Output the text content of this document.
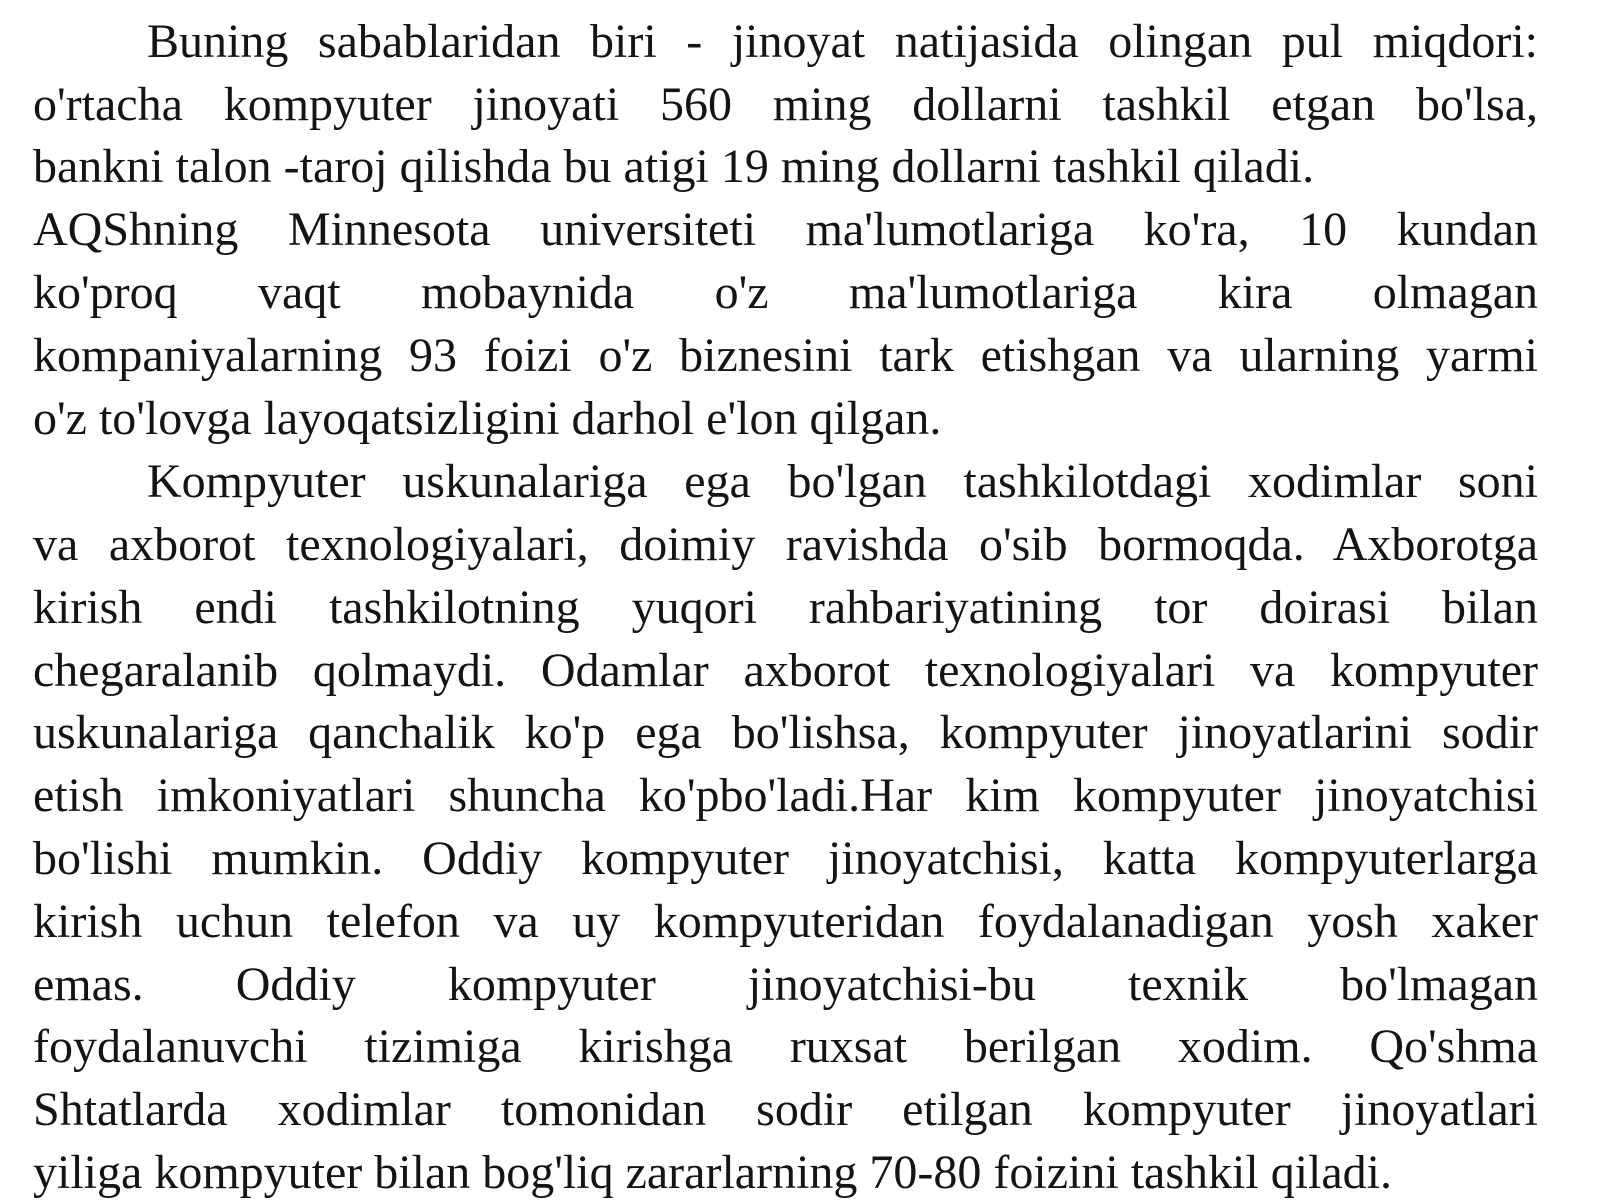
Buning sabablaridan biri - jinoyat natijasida olingan pul miqdori:
o'rtacha kompyuter jinoyati 560 ming dollarni tashkil etgan bo'lsa,
bankni talon -taroj qilishda bu atigi 19 ming dollarni tashkil qiladi.
AQShning Minnesota universiteti ma'lumotlariga ko'ra, 10 kundan
ko'proq vaqt mobaynida o'z ma'lumotlariga kira olmagan
kompaniyalarning 93 foizi o'z biznesini tark etishgan va ularning yarmi
o'z to'lovga layoqatsizligini darhol e'lon qilgan.
Kompyuter uskunalariga ega bo'lgan tashkilotdagi xodimlar soni
va axborot texnologiyalari, doimiy ravishda o'sib bormoqda. Axborotga
kirish endi tashkilotning yuqori rahbariyatining tor doirasi bilan
chegaralanib qolmaydi. Odamlar axborot texnologiyalari va kompyuter
uskunalariga qanchalik ko'p ega bo'lishsa, kompyuter jinoyatlarini sodir
etish imkoniyatlari shuncha ko'pbo'ladi.Har kim kompyuter jinoyatchisi
bo'lishi mumkin. Oddiy kompyuter jinoyatchisi, katta kompyuterlarga
kirish uchun telefon va uy kompyuteridan foydalanadigan yosh xaker
emas. Oddiy kompyuter jinoyatchisi-bu texnik bo'lmagan
foydalanuvchi tizimiga kirishga ruxsat berilgan xodim. Qo'shma
Shtatlarda xodimlar tomonidan sodir etilgan kompyuter jinoyatlari
yiliga kompyuter bilan bog'liq zararlarning 70-80 foizini tashkil qiladi.
